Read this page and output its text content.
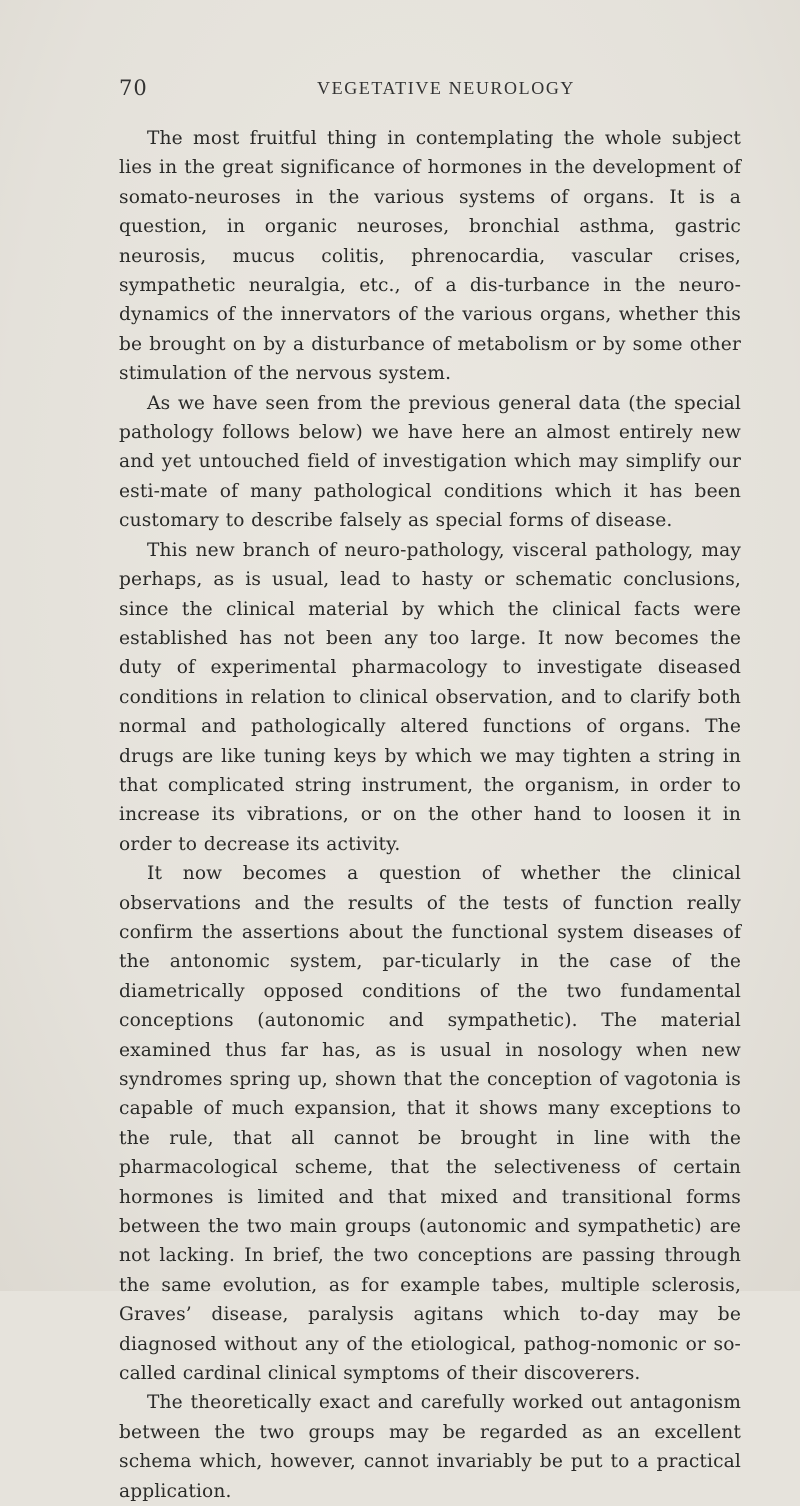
70	VEGETATIVE NEUROLOGY

The most fruitful thing in contemplating the whole subject lies in the great significance of hormones in the development of somato-neuroses in the various systems of organs. It is a question, in organic neuroses, bronchial asthma, gastric neurosis, mucus colitis, phrenocardia, vascular crises, sympathetic neuralgia, etc., of a dis-turbance in the neuro-dynamics of the innervators of the various organs, whether this be brought on by a disturbance of metabolism or by some other stimulation of the nervous system.

As we have seen from the previous general data (the special pathology follows below) we have here an almost entirely new and yet untouched field of investigation which may simplify our esti-mate of many pathological conditions which it has been customary to describe falsely as special forms of disease.

This new branch of neuro-pathology, visceral pathology, may perhaps, as is usual, lead to hasty or schematic conclusions, since the clinical material by which the clinical facts were established has not been any too large. It now becomes the duty of experimental pharmacology to investigate diseased conditions in relation to clinical observation, and to clarify both normal and pathologically altered functions of organs. The drugs are like tuning keys by which we may tighten a string in that complicated string instrument, the organism, in order to increase its vibrations, or on the other hand to loosen it in order to decrease its activity.

It now becomes a question of whether the clinical observations and the results of the tests of function really confirm the assertions about the functional system diseases of the antonomic system, par-ticularly in the case of the diametrically opposed conditions of the two fundamental conceptions (autonomic and sympathetic). The material examined thus far has, as is usual in nosology when new syndromes spring up, shown that the conception of vagotonia is capable of much expansion, that it shows many exceptions to the rule, that all cannot be brought in line with the pharmacological scheme, that the selectiveness of certain hormones is limited and that mixed and transitional forms between the two main groups (autonomic and sympathetic) are not lacking. In brief, the two conceptions are passing through the same evolution, as for example tabes, multiple sclerosis, Graves’ disease, paralysis agitans which to-day may be diagnosed without any of the etiological, pathog-nomonic or so-called cardinal clinical symptoms of their discoverers.

The theoretically exact and carefully worked out antagonism between the two groups may be regarded as an excellent schema which, however, cannot invariably be put to a practical application.
